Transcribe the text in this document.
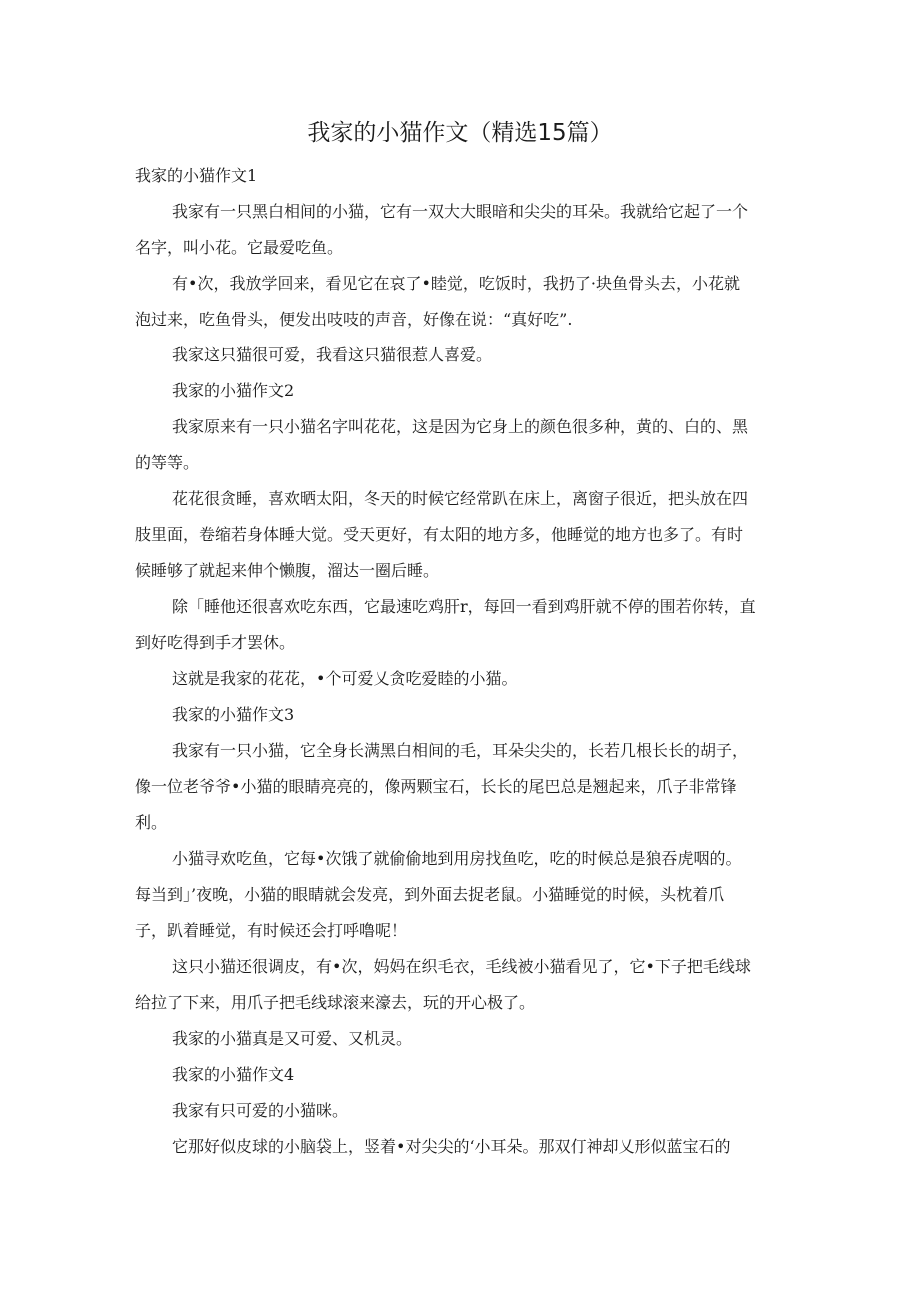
我家的小猫作文（精选15篇）

我家的小猫作文1

我家有一只黑白相间的小猫，它有一双大大眼暗和尖尖的耳朵。我就给它起了一个

名字，叫小花。它最爱吃鱼。

有•次，我放学回来，看见它在哀了•睦觉，吃饭时，我扔了·块鱼骨头去，小花就

泡过来，吃鱼骨头，便发出吱吱的声音，好像在说：“真好吃”.

我家这只猫很可爱，我看这只猫很惹人喜爱。

我家的小猫作文2

我家原来有一只小猫名字叫花花，这是因为它身上的颜色很多种，黄的、白的、黑

的等等。

花花很贪睡，喜欢晒太阳，冬天的时候它经常趴在床上，离窗子很近，把头放在四

肢里面，卷缩若身体睡大觉。受天更好，有太阳的地方多，他睡觉的地方也多了。有时

候睡够了就起来伸个懒腹，溜达一圈后睡。

除「睡他还很喜欢吃东西，它最速吃鸡肝r，每回一看到鸡肝就不停的围若你转，直

到好吃得到手才罢休。

这就是我家的花花，•个可爱乂贪吃爱睦的小猫。

我家的小猫作文3

我家有一只小猫，它全身长满黑白相间的毛，耳朵尖尖的，长若几根长长的胡子，

像一位老爷爷•小猫的眼睛亮亮的，像两颗宝石，长长的尾巴总是翘起来，爪子非常锋

利。

小猫寻欢吃鱼，它每•次饿了就偷偷地到用房找鱼吃，吃的时候总是狼吞虎咽的。

每当到」’夜晚，小猫的眼睛就会发亮，到外面去捉老鼠。小猫睡觉的时候，头枕着爪

子，趴着睡觉，有时候还会打呼噜呢！

这只小猫还很调皮，有•次，妈妈在织毛衣，毛线被小猫看见了，它•下子把毛线球

给拉了下来，用爪子把毛线球滚来濠去，玩的开心极了。

我家的小猫真是又可爱、又机灵。

我家的小猫作文4

我家有只可爱的小猫咪。

它那好似皮球的小脑袋上，竖着•对尖尖的‘小耳朵。那双仃神却乂形似蓝宝石的
